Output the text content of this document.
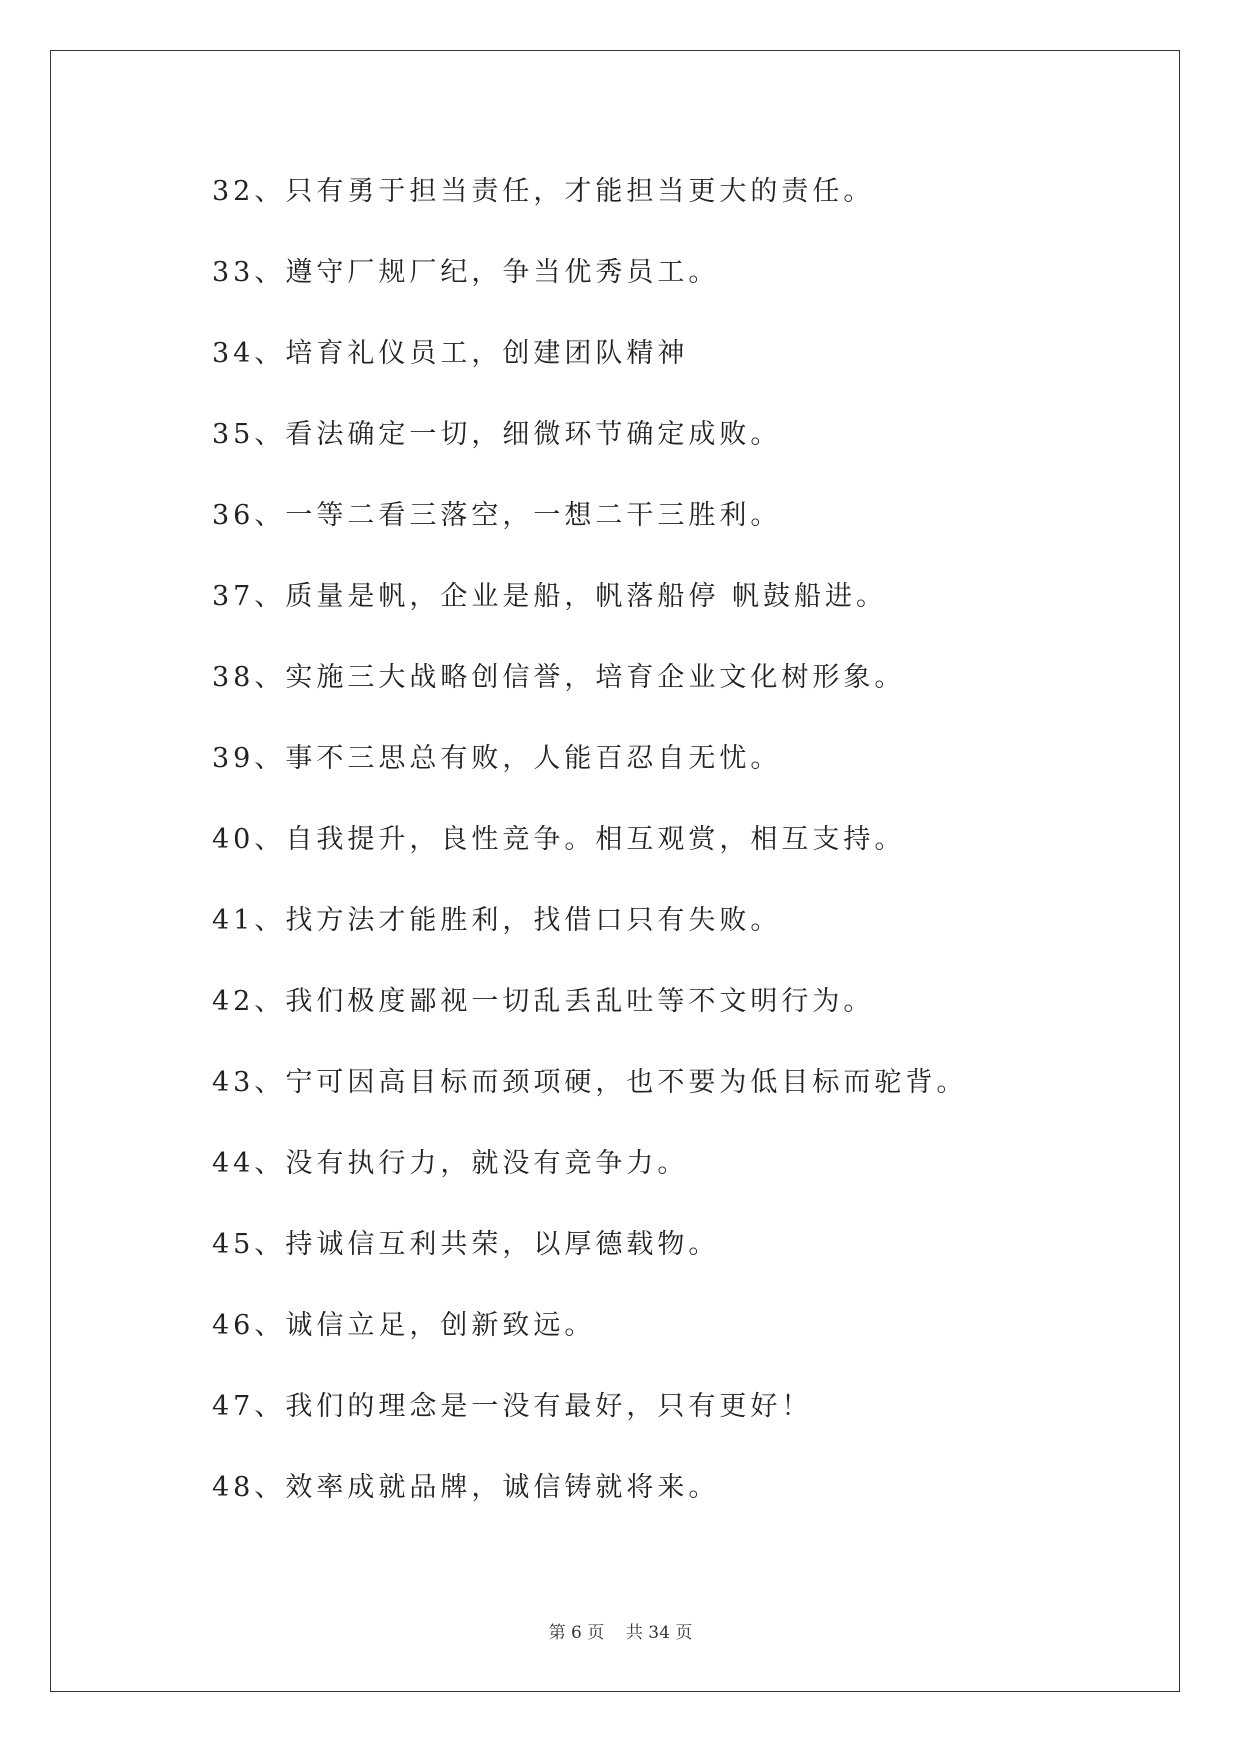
32、只有勇于担当责任，才能担当更大的责任。
33、遵守厂规厂纪，争当优秀员工。
34、培育礼仪员工，创建团队精神
35、看法确定一切，细微环节确定成败。
36、一等二看三落空，一想二干三胜利。
37、质量是帆，企业是船，帆落船停 帆鼓船进。
38、实施三大战略创信誉，培育企业文化树形象。
39、事不三思总有败，人能百忍自无忧。
40、自我提升，良性竞争。相互观赏，相互支持。
41、找方法才能胜利，找借口只有失败。
42、我们极度鄙视一切乱丢乱吐等不文明行为。
43、宁可因高目标而颈项硬，也不要为低目标而驼背。
44、没有执行力，就没有竞争力。
45、持诚信互利共荣，以厚德载物。
46、诚信立足，创新致远。
47、我们的理念是一没有最好，只有更好！
48、效率成就品牌，诚信铸就将来。
第 6 页    共 34 页
